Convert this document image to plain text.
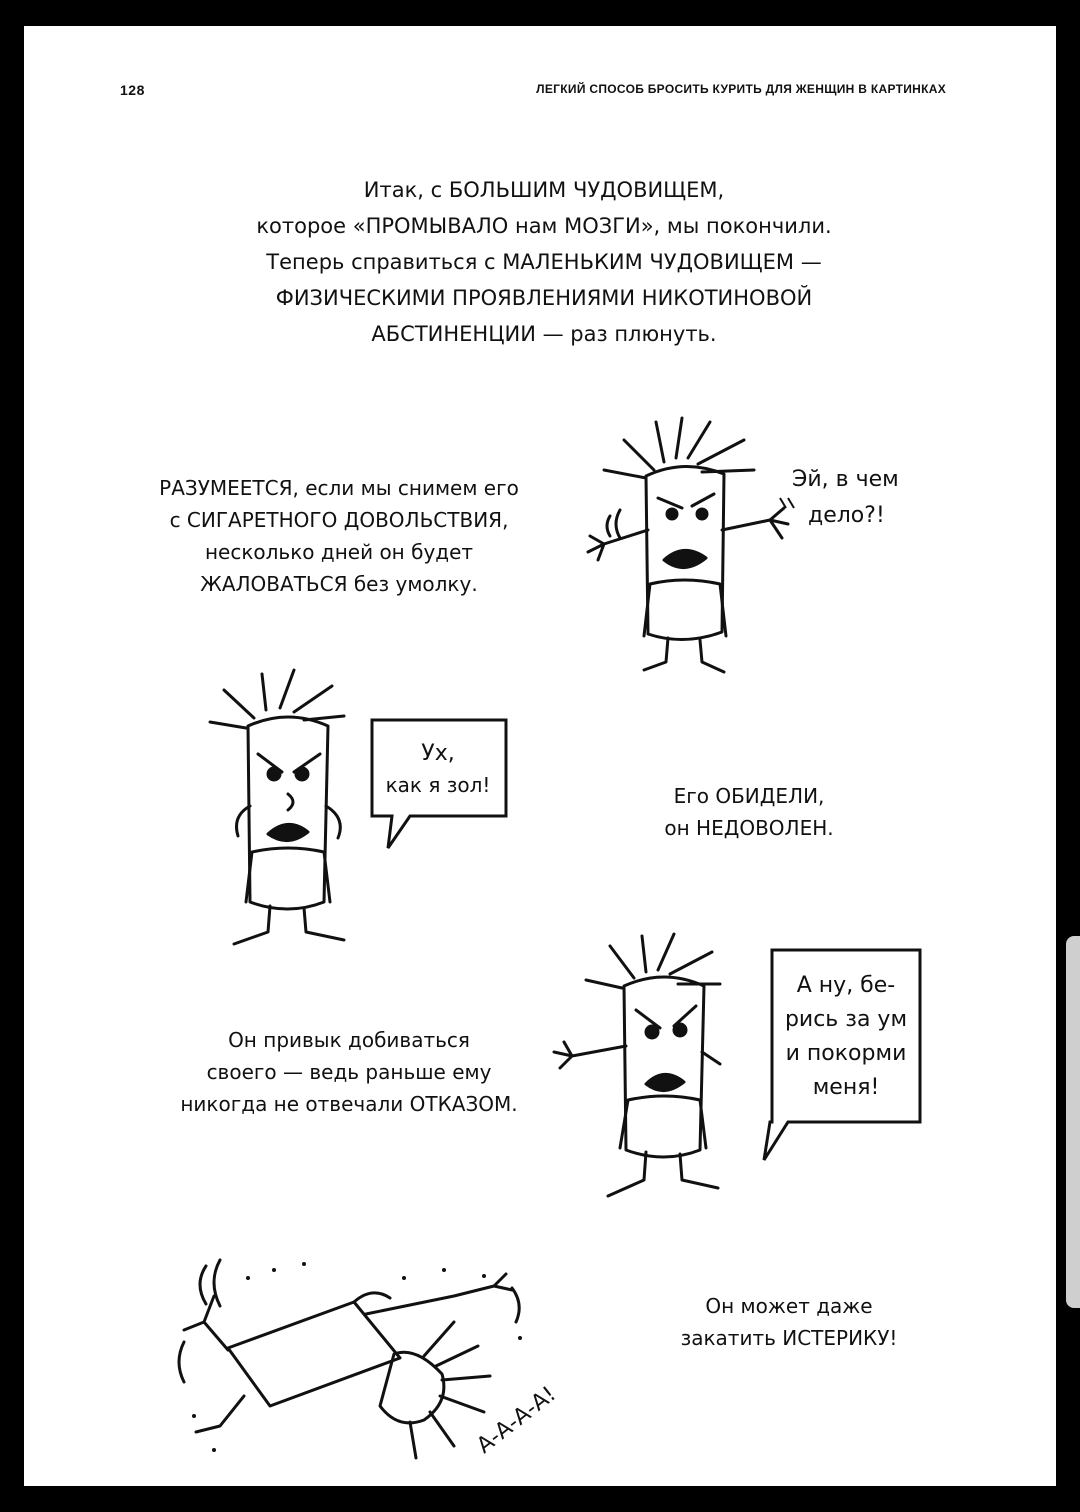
128	ЛЕГКИЙ СПОСОБ БРОСИТЬ КУРИТЬ ДЛЯ ЖЕНЩИН В КАРТИНКАХ
Итак, с БОЛЬШИМ ЧУДОВИЩЕМ,
которое «ПРОМЫВАЛО нам МОЗГИ», мы покончили.
Теперь справиться с МАЛЕНЬКИМ ЧУДОВИЩЕМ —
ФИЗИЧЕСКИМИ ПРОЯВЛЕНИЯМИ НИКОТИНОВОЙ
АБСТИНЕНЦИИ — раз плюнуть.
РАЗУМЕЕТСЯ, если мы снимем его
с СИГАРЕТНОГО ДОВОЛЬСТВИЯ,
несколько дней он будет
ЖАЛОВАТЬСЯ без умолку.
Эй, в чем
дело?!
Ух,
как я зол!	Его ОБИДЕЛИ,
он НЕДОВОЛЕН.
Он привык добиваться
своего — ведь раньше ему
никогда не отвечали ОТКАЗОМ.
А ну, бе-
рись за ум
и покорми
меня!
А-А-А-А!
Он может даже
закатить ИСТЕРИКУ!
